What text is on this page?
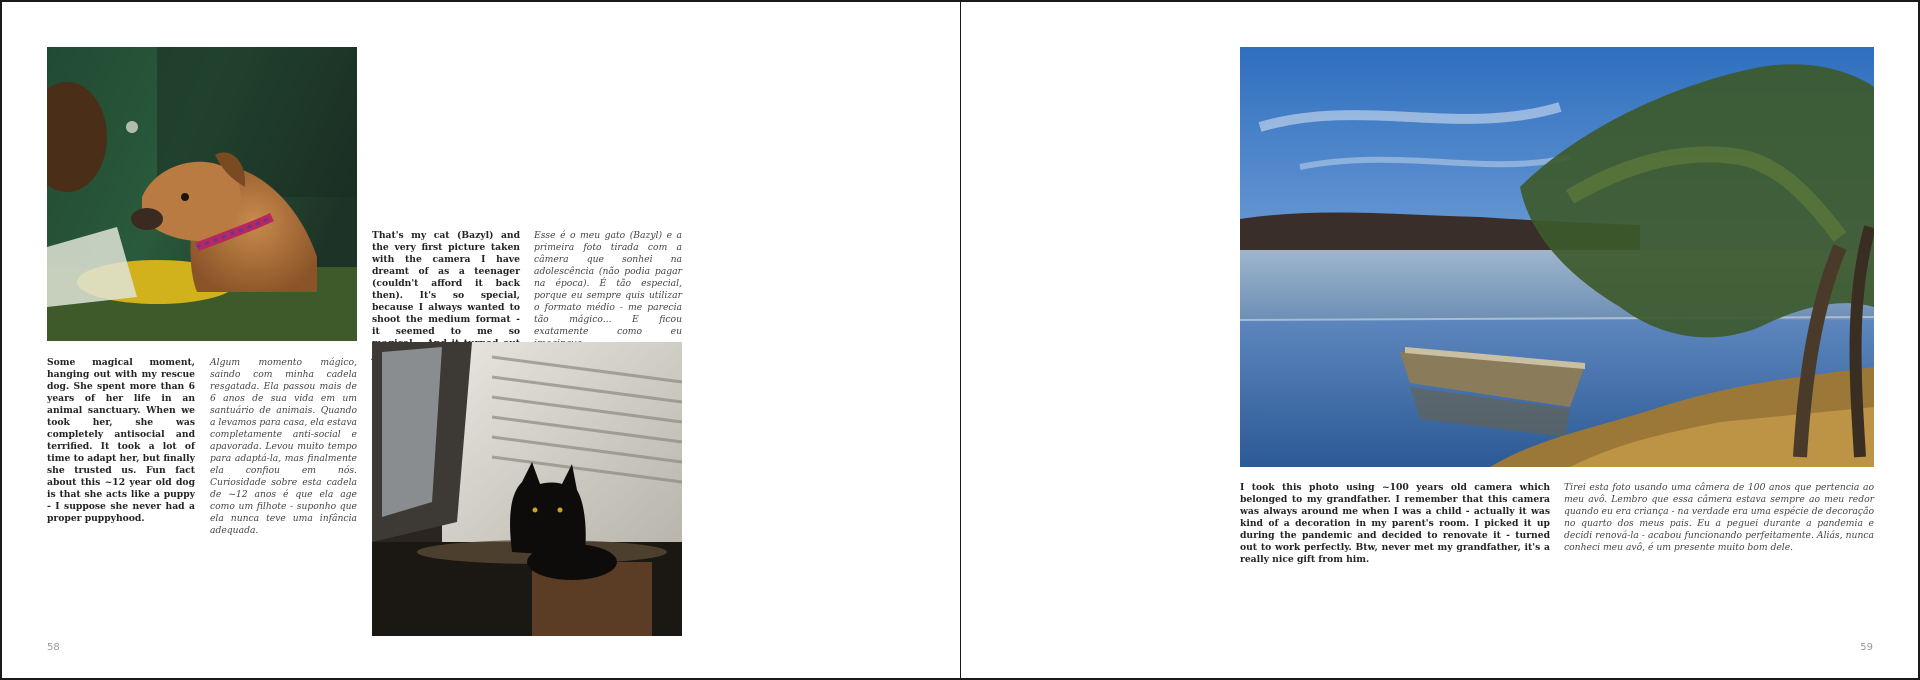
Some magical moment, hanging out with my rescue dog. She spent more than 6 years of her life in an animal sanctuary. When we took her, she was completely antisocial and terrified. It took a lot of time to adapt her, but finally she trusted us. Fun fact about this ~12 year old dog is that she acts like a puppy - I suppose she never had a proper puppyhood.
Algum momento mágico, saindo com minha cadela resgatada. Ela passou mais de 6 anos de sua vida em um santuário de animais. Quando a levamos para casa, ela estava completamente anti-social e apavorada. Levou muito tempo para adaptá-la, mas finalmente ela confiou em nós. Curiosidade sobre esta cadela de ~12 anos é que ela age como um filhote - suponho que ela nunca teve uma infância adequada.
That's my cat (Bazyl) and the very first picture taken with the camera I have dreamt of as a teenager (couldn't afford it back then). It's so special, because I always wanted to shoot the medium format - it seemed to me so
Esse é o meu gato (Bazyl) e a primeira foto tirada com a câmera que sonhei na adolescência (não podia pagar na época). É tão especial, porque eu sempre quis utilizar o formato médio - me parecia tão mágico... E ficou exatamente como eu
58
I took this photo using ~100 years old camera which belonged to my grandfather. I remember that this camera was always around me when I was a child - actually it was kind of a decoration in my parent's room. I picked it up during the pandemic and decided to renovate it - turned out to work perfectly. Btw, never met my grandfather, it's a really nice gift from him.
Tirei esta foto usando uma câmera de 100 anos que pertencia ao meu avô. Lembro que essa câmera estava sempre ao meu redor quando eu era criança - na verdade era uma espécie de decoração no quarto dos meus pais. Eu a peguei durante a pandemia e decidi renová-la - acabou funcionando perfeitamente. Aliás, nunca conheci meu avô, é um presente muito bom dele.
59
